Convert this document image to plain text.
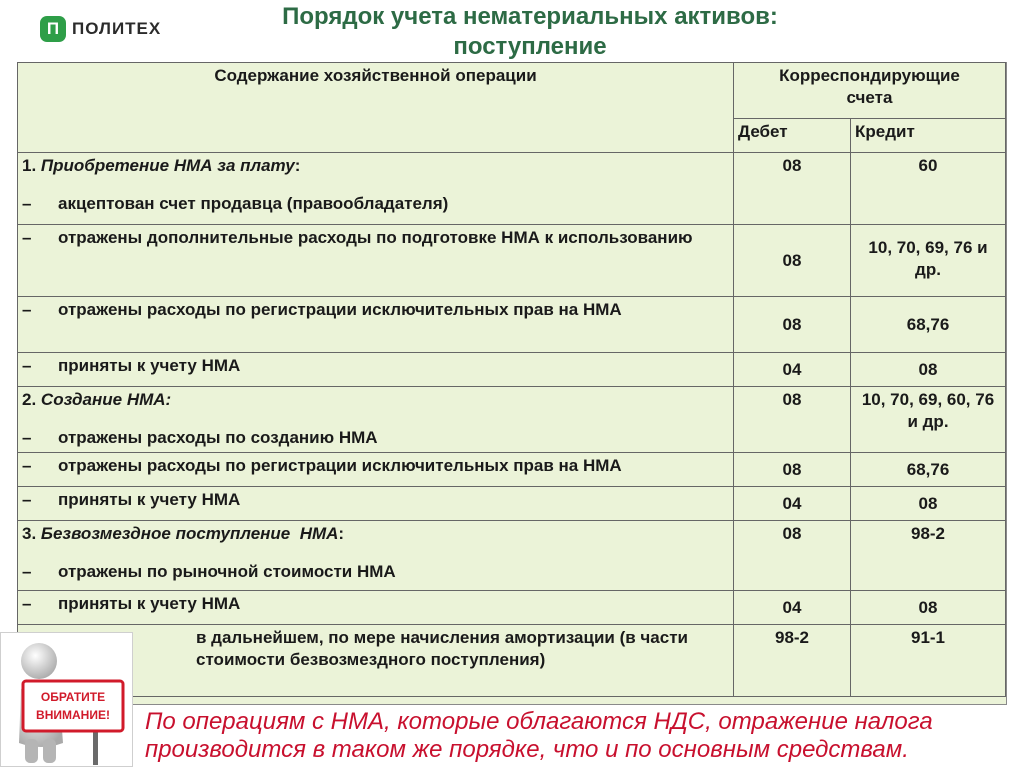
П ПОЛИТЕХ	Порядок учета нематериальных активов:
поступление
Содержание хозяйственной операции	Корреспондирующие
счета	

	Дебет	Кредит

1. Приобретение НМА за плату:
– акцептован счет продавца (правообладателя)	08	60

– отражены дополнительные расходы по подготовке НМА к использованию	08	10, 70, 69, 76 и др.

– отражены расходы по регистрации исключительных прав на НМА	08	68,76

– приняты к учету НМА	04	08

2. Создание НМА:
– отражены расходы по созданию НМА	08	10, 70, 69, 60, 76 и др.

– отражены расходы по регистрации исключительных прав на НМА	08	68,76

– приняты к учету НМА	04	08

3. Безвозмездное поступление  НМА:
– отражены по рыночной стоимости НМА	08	98-2

– приняты к учету НМА	04	08
в дальнейшем, по мере начисления амортизации (в части стоимости безвозмездного поступления)	98-2	91-1
ОБРАТИТЕ
ВНИМАНИЕ! По операциям с НМА, которые облагаются НДС, отражение налога производится в таком же порядке, что и по основным средствам.
